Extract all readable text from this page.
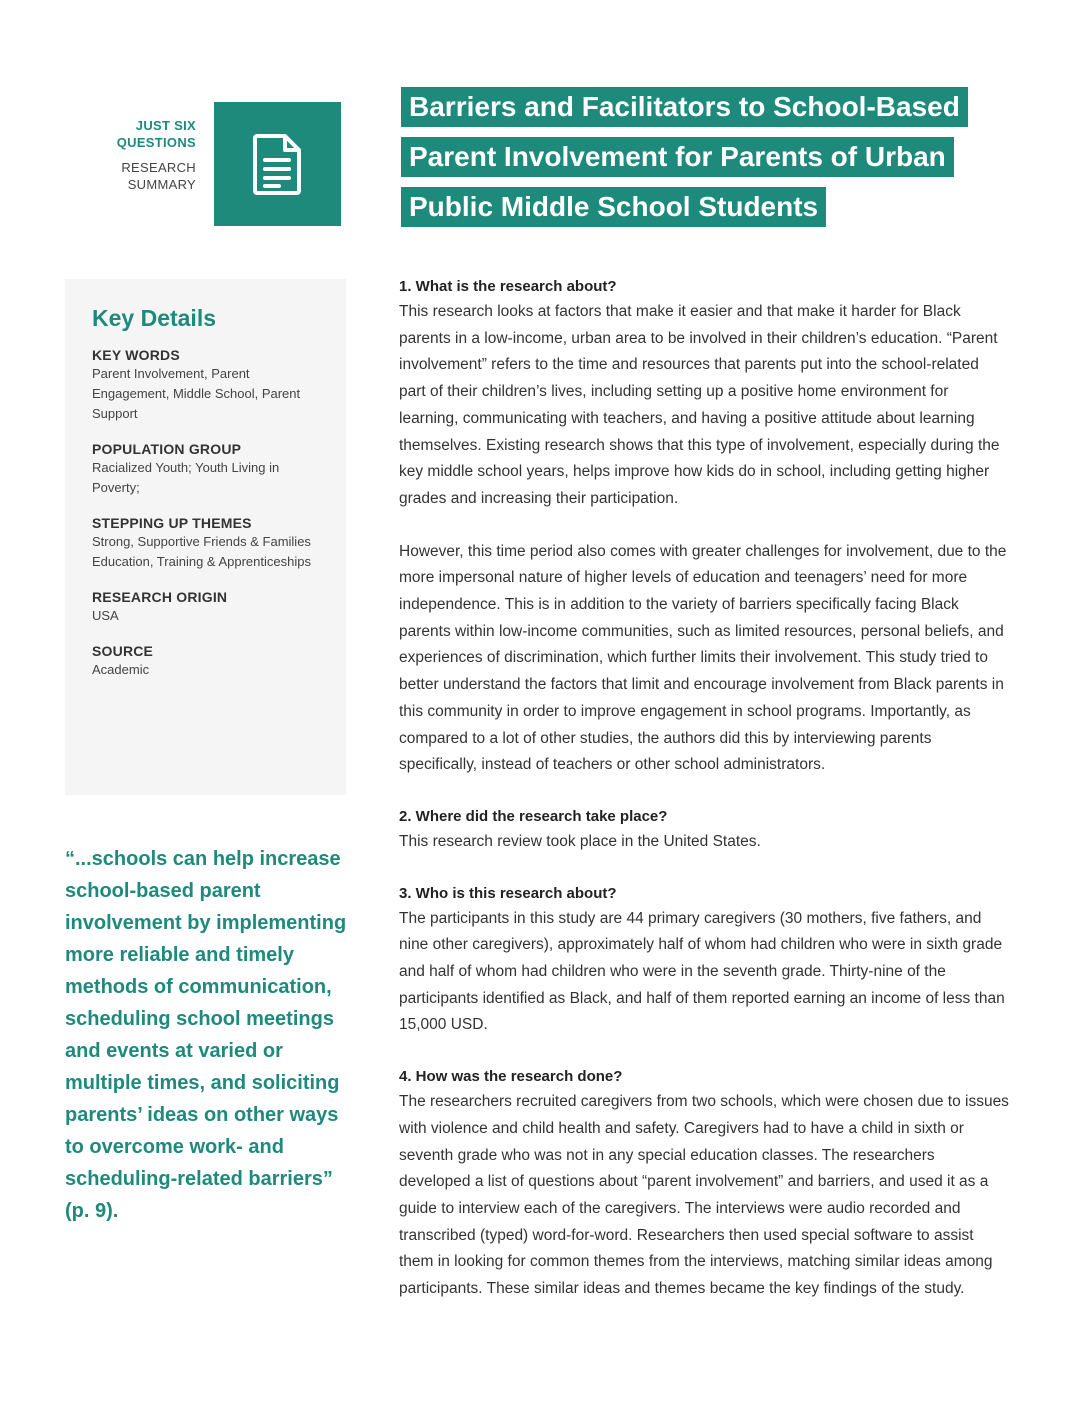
JUST SIX
QUESTIONS
RESEARCH
SUMMARY
Barriers and Facilitators to School-Based
Parent Involvement for Parents of Urban
Public Middle School Students
Key Details
KEY WORDS
Parent Involvement, Parent Engagement, Middle School, Parent Support
POPULATION GROUP
Racialized Youth; Youth Living in Poverty;
STEPPING UP THEMES
Strong, Supportive Friends & Families Education, Training & Apprenticeships
RESEARCH ORIGIN
USA
SOURCE
Academic
“...schools can help increase school-based parent involvement by implementing more reliable and timely methods of communication, scheduling school meetings and events at varied or multiple times, and soliciting parents’ ideas on other ways to overcome work- and scheduling-related barriers” (p. 9).

1. What is the research about?

This research looks at factors that make it easier and that make it harder for Black parents in a low-income, urban area to be involved in their children’s education. “Parent involvement” refers to the time and resources that parents put into the school-related part of their children’s lives, including setting up a positive home environment for learning, communicating with teachers, and having a positive attitude about learning themselves. Existing research shows that this type of involvement, especially during the key middle school years, helps improve how kids do in school, including getting higher grades and increasing their participation.

However, this time period also comes with greater challenges for involvement, due to the more impersonal nature of higher levels of education and teenagers’ need for more independence. This is in addition to the variety of barriers specifically facing Black parents within low-income communities, such as limited resources, personal beliefs, and experiences of discrimination, which further limits their involvement. This study tried to better understand the factors that limit and encourage involvement from Black parents in this community in order to improve engagement in school programs. Importantly, as compared to a lot of other studies, the authors did this by interviewing parents specifically, instead of teachers or other school administrators.

2. Where did the research take place?

This research review took place in the United States.

3. Who is this research about?

The participants in this study are 44 primary caregivers (30 mothers, five fathers, and nine other caregivers), approximately half of whom had children who were in sixth grade and half of whom had children who were in the seventh grade. Thirty-nine of the participants identified as Black, and half of them reported earning an income of less than 15,000 USD.

4. How was the research done?

The researchers recruited caregivers from two schools, which were chosen due to issues with violence and child health and safety. Caregivers had to have a child in sixth or seventh grade who was not in any special education classes. The researchers developed a list of questions about “parent involvement” and barriers, and used it as a guide to interview each of the caregivers. The interviews were audio recorded and transcribed (typed) word-for-word. Researchers then used special software to assist them in looking for common themes from the interviews, matching similar ideas among participants. These similar ideas and themes became the key findings of the study.
